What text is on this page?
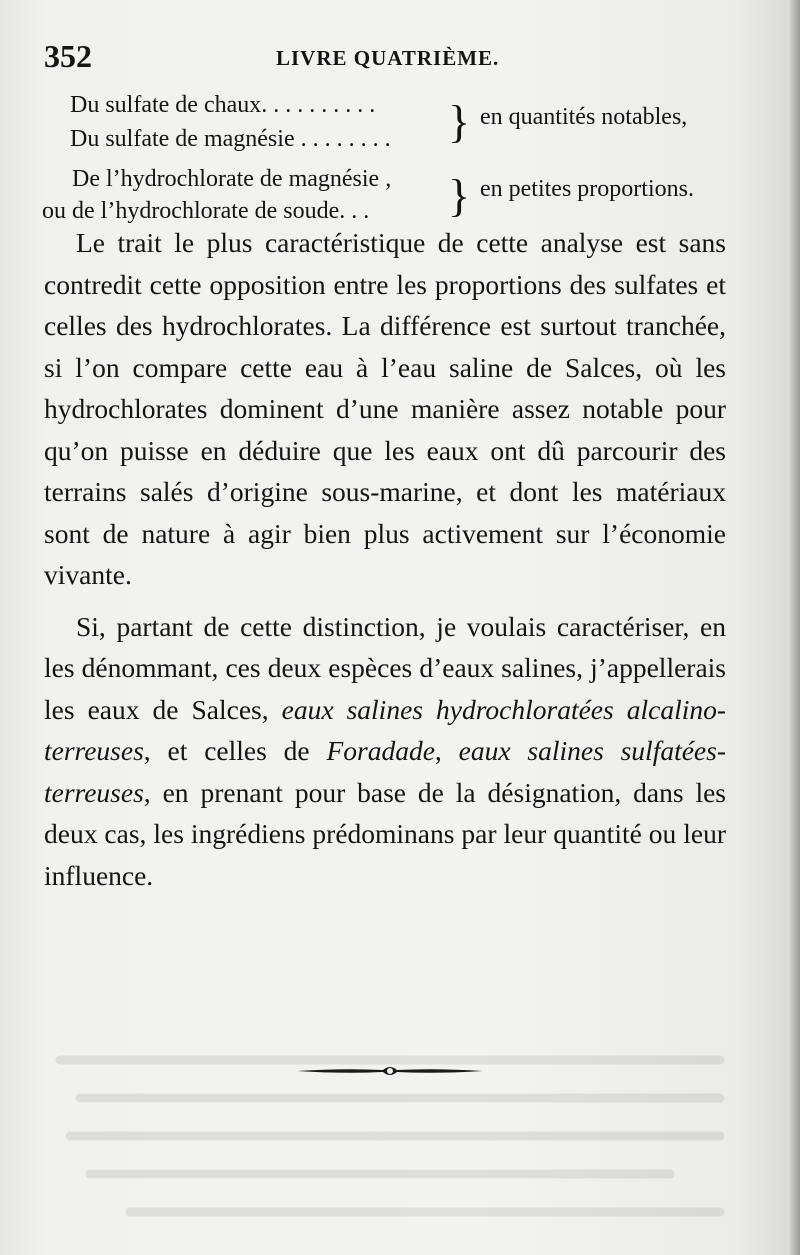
352	LIVRE QUATRIÈME.
Du sulfate de chaux. . . . . . . . . .
Du sulfate de magnésie . . . . . . . . } en quantités notables,
De l’hydrochlorate de magnésie ,
ou de l’hydrochlorate de soude. . . } en petites proportions.

Le trait le plus caractéristique de cette analyse est sans contredit cette opposition entre les proportions des sulfates et celles des hydrochlorates. La différence est surtout tranchée, si l’on compare cette eau à l’eau saline de Salces, où les hydrochlorates dominent d’une manière assez notable pour qu’on puisse en déduire que les eaux ont dû parcourir des terrains salés d’origine sous-marine, et dont les matériaux sont de nature à agir bien plus activement sur l’économie vivante.

Si, partant de cette distinction, je voulais caractériser, en les dénommant, ces deux espèces d’eaux salines, j’appellerais les eaux de Salces, eaux salines hydrochloratées alcalino-terreuses, et celles de Foradade, eaux salines sulfatées-terreuses, en prenant pour base de la désignation, dans les deux cas, les ingrédiens prédominans par leur quantité ou leur influence.
